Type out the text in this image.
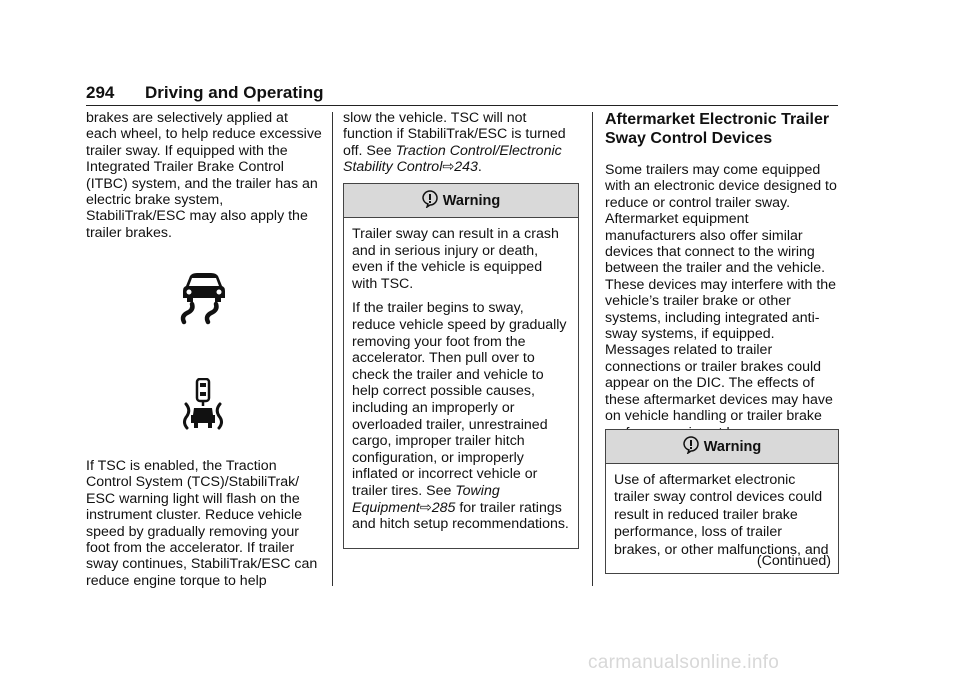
294 Driving and Operating

brakes are selectively applied at each wheel, to help reduce excessive trailer sway. If equipped with the Integrated Trailer Brake Control (ITBC) system, and the trailer has an electric brake system, StabiliTrak/ESC may also apply the trailer brakes.

If TSC is enabled, the Traction Control System (TCS)/StabiliTrak/ ESC warning light will flash on the instrument cluster. Reduce vehicle speed by gradually removing your foot from the accelerator. If trailer sway continues, StabiliTrak/ESC can reduce engine torque to help

slow the vehicle. TSC will not function if StabiliTrak/ESC is turned off. See Traction Control/Electronic Stability Control⇨243.

Warning

Trailer sway can result in a crash and in serious injury or death, even if the vehicle is equipped with TSC.

If the trailer begins to sway, reduce vehicle speed by gradually removing your foot from the accelerator. Then pull over to check the trailer and vehicle to help correct possible causes, including an improperly or overloaded trailer, unrestrained cargo, improper trailer hitch configuration, or improperly inflated or incorrect vehicle or trailer tires. See Towing Equipment⇨285 for trailer ratings and hitch setup recommendations.

Aftermarket Electronic Trailer Sway Control Devices

Some trailers may come equipped with an electronic device designed to reduce or control trailer sway. Aftermarket equipment manufacturers also offer similar devices that connect to the wiring between the trailer and the vehicle. These devices may interfere with the vehicle’s trailer brake or other systems, including integrated anti-sway systems, if equipped. Messages related to trailer connections or trailer brakes could appear on the DIC. The effects of these aftermarket devices may have on vehicle handling or trailer brake

Warning

Use of aftermarket electronic trailer sway control devices could result in reduced trailer brake performance, loss of trailer brakes, or other malfunctions, and

(Continued)
carmanualsonline.info
